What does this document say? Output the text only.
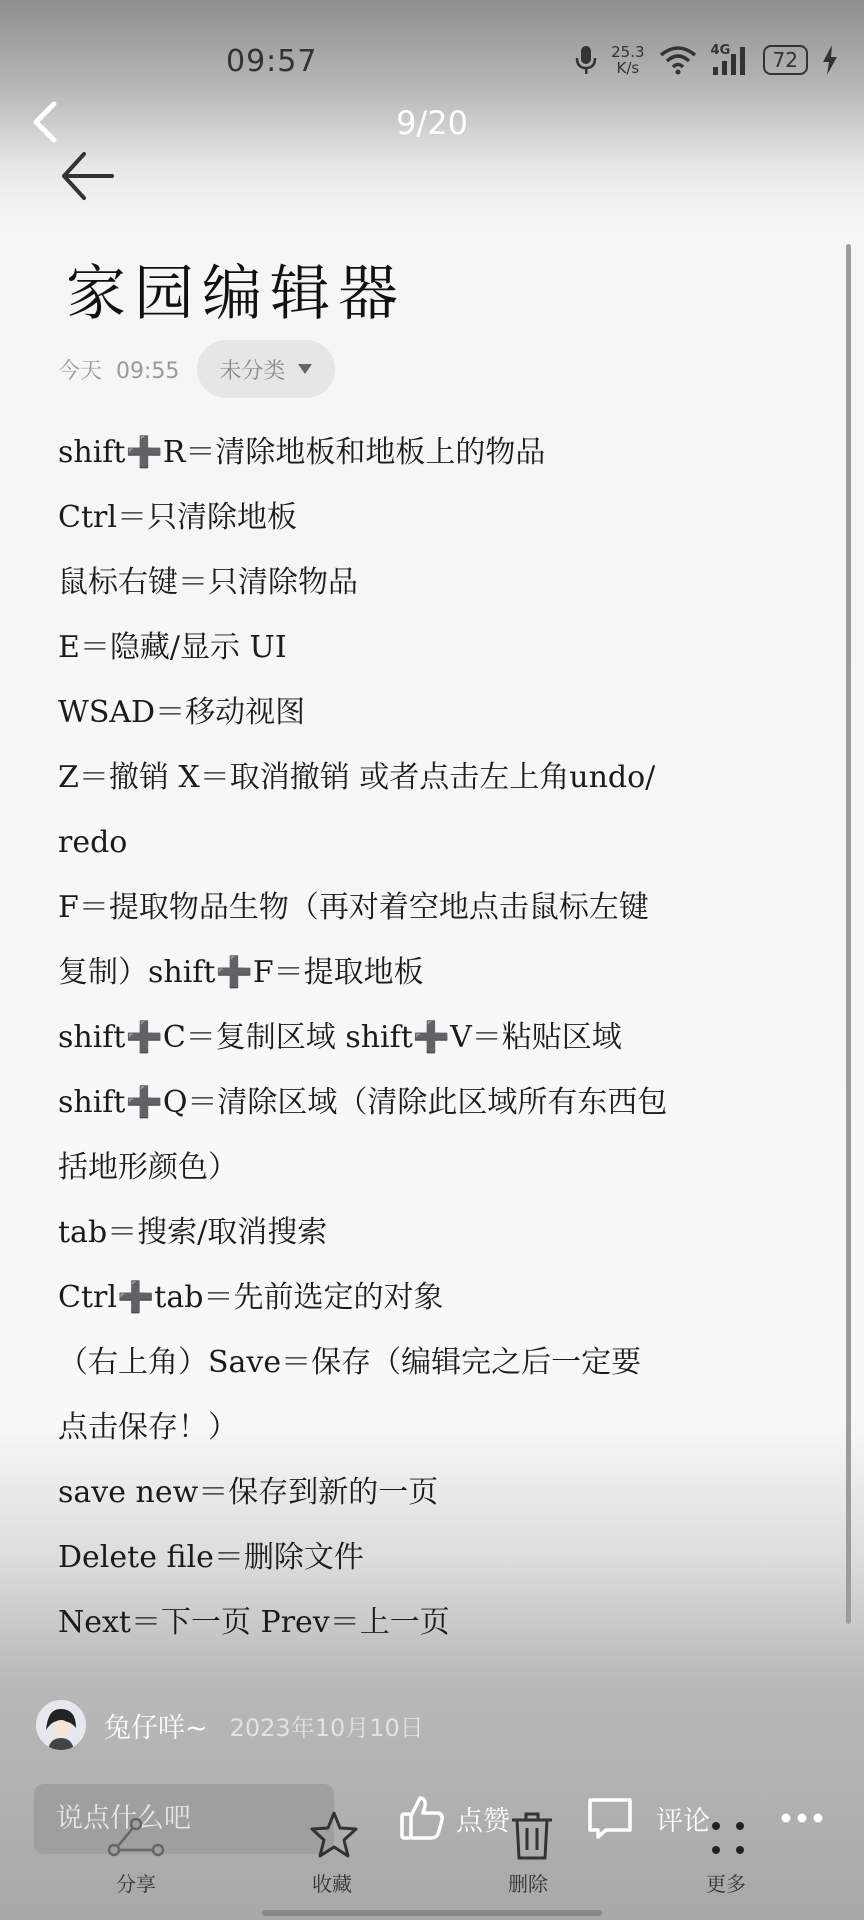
09:57	25.3
K/s
4G	72
9/20
家园编辑器
今天 09:55 未分类
shift➕R＝清除地板和地板上的物品
Ctrl＝只清除地板
鼠标右键＝只清除物品
E＝隐藏/显示 UI
WSAD＝移动视图
Z＝撤销 X＝取消撤销 或者点击左上角undo/
redo
F＝提取物品生物（再对着空地点击鼠标左键
复制）shift➕F＝提取地板
shift➕C＝复制区域 shift➕V＝粘贴区域
shift➕Q＝清除区域（清除此区域所有东西包
括地形颜色）
tab＝搜索/取消搜索
Ctrl➕tab＝先前选定的对象
（右上角）Save＝保存（编辑完之后一定要
点击保存！）
save new＝保存到新的一页
Delete file＝删除文件
Next＝下一页 Prev＝上一页
兔仔咩~ 2023年10月10日
说点什么吧	点赞	评论
分享	收藏	删除	更多
